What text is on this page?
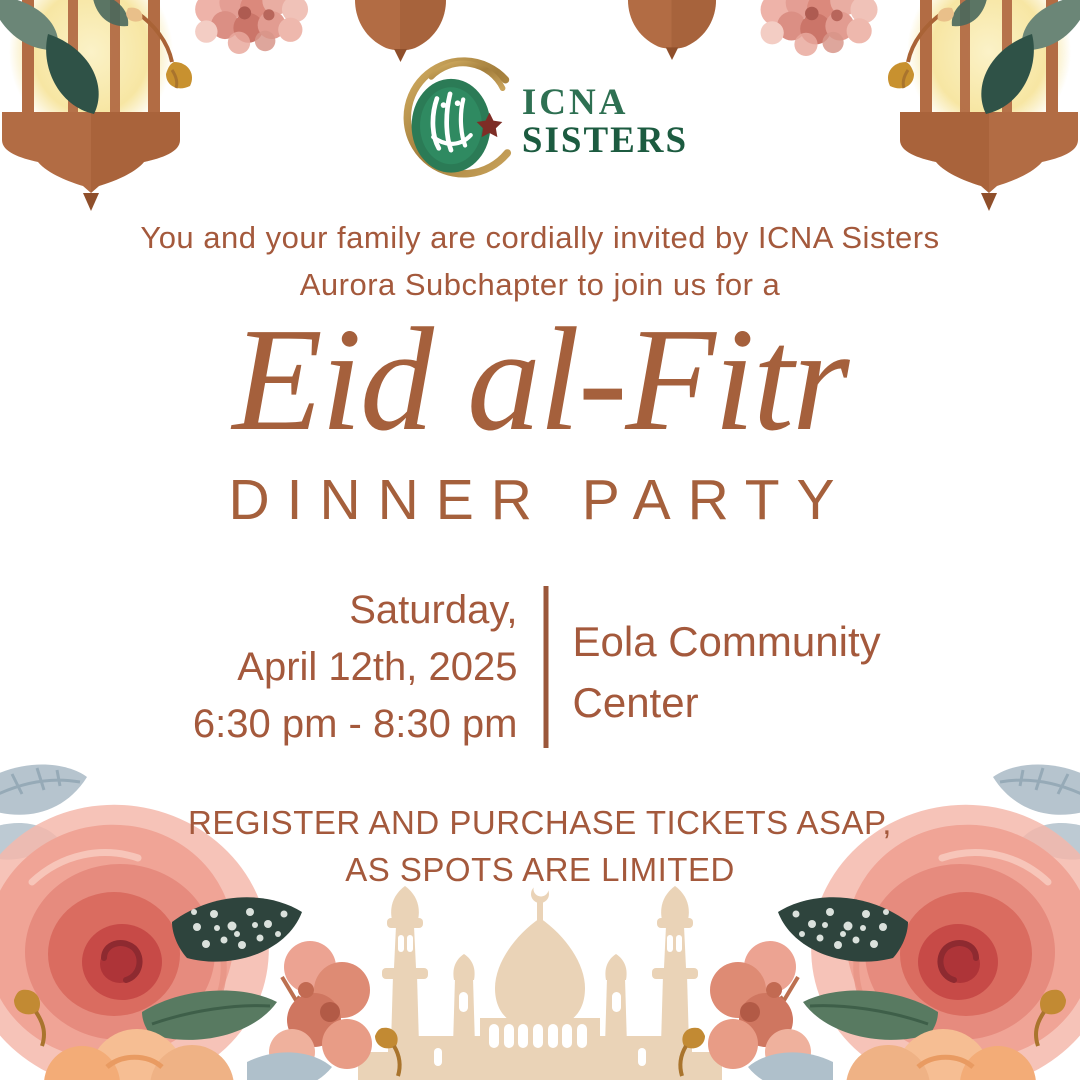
ICNA
SISTERS
You and your family are cordially invited by ICNA Sisters
Aurora Subchapter to join us for a
Eid al-Fitr
DINNER PARTY
Saturday,
April 12th, 2025
6:30 pm - 8:30 pm
Eola Community
Center
REGISTER AND PURCHASE TICKETS ASAP,
AS SPOTS ARE LIMITED
